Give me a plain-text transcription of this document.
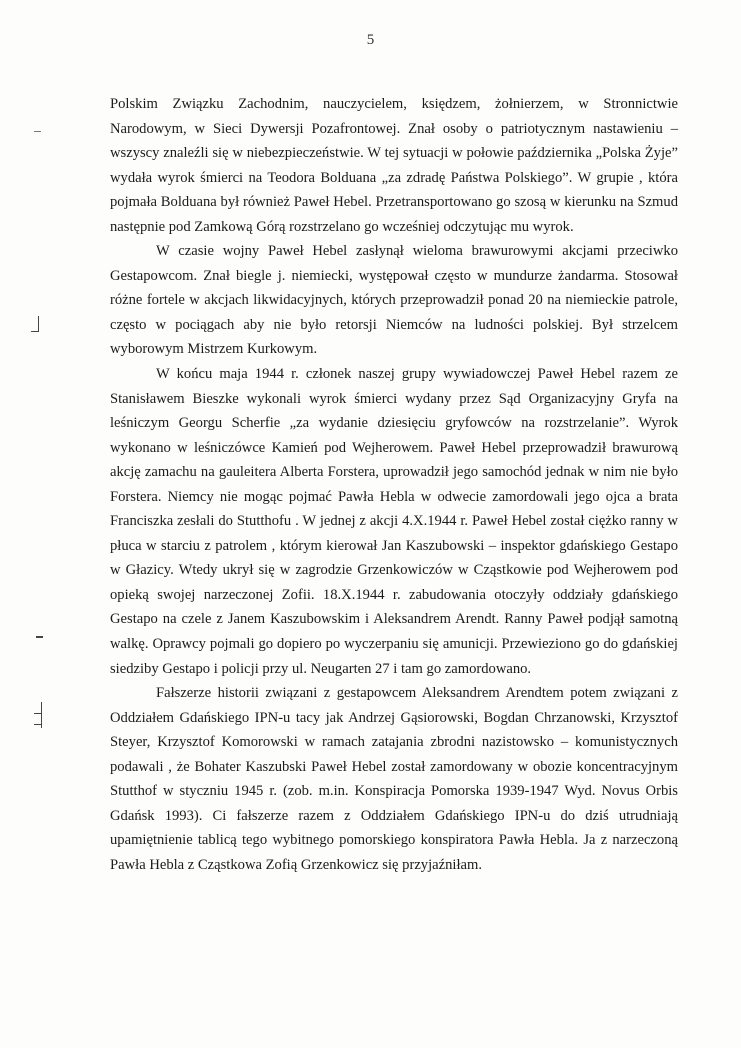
5

Polskim Związku Zachodnim, nauczycielem, księdzem, żołnierzem, w Stronnictwie Narodowym, w Sieci Dywersji Pozafrontowej. Znał osoby o patriotycznym nastawieniu – wszyscy znaleźli się w niebezpieczeństwie. W tej sytuacji w połowie października „Polska Żyje” wydała wyrok śmierci na Teodora Bolduana „za zdradę Państwa Polskiego”. W grupie , która pojmała Bolduana był również Paweł Hebel. Przetransportowano go szosą w kierunku na Szmud następnie pod Zamkową Górą rozstrzelano go wcześniej odczytując mu wyrok.

W czasie wojny Paweł Hebel zasłynął wieloma brawurowymi akcjami przeciwko Gestapowcom. Znał biegle j. niemiecki, występował często w mundurze żandarma. Stosował różne fortele w akcjach likwidacyjnych, których przeprowadził ponad 20 na niemieckie patrole, często w pociągach aby nie było retorsji Niemców na ludności polskiej. Był strzelcem wyborowym Mistrzem Kurkowym.

W końcu maja 1944 r. członek naszej grupy wywiadowczej Paweł Hebel razem ze Stanisławem Bieszke wykonali wyrok śmierci wydany przez Sąd Organizacyjny Gryfa na leśniczym Georgu Scherfie „za wydanie dziesięciu gryfowców na rozstrzelanie”. Wyrok wykonano w leśniczówce Kamień pod Wejherowem. Paweł Hebel przeprowadził brawurową akcję zamachu na gauleitera Alberta Forstera, uprowadził jego samochód jednak w nim nie było Forstera. Niemcy nie mogąc pojmać Pawła Hebla w odwecie zamordowali jego ojca a brata Franciszka zesłali do Stutthofu . W jednej z akcji 4.X.1944 r. Paweł Hebel został ciężko ranny w płuca w starciu z patrolem , którym kierował Jan Kaszubowski – inspektor gdańskiego Gestapo w Głazicy. Wtedy ukrył się w zagrodzie Grzenkowiczów w Cząstkowie pod Wejherowem pod opieką swojej narzeczonej Zofii. 18.X.1944 r. zabudowania otoczyły oddziały gdańskiego Gestapo na czele z Janem Kaszubowskim i Aleksandrem Arendt. Ranny Paweł podjął samotną walkę. Oprawcy pojmali go dopiero po wyczerpaniu się amunicji. Przewieziono go do gdańskiej siedziby Gestapo i policji przy ul. Neugarten 27 i tam go zamordowano.

Fałszerze historii związani z gestapowcem Aleksandrem Arendtem potem związani z Oddziałem Gdańskiego IPN-u tacy jak Andrzej Gąsiorowski, Bogdan Chrzanowski, Krzysztof Steyer, Krzysztof Komorowski w ramach zatajania zbrodni nazistowsko – komunistycznych podawali , że Bohater Kaszubski Paweł Hebel został zamordowany w obozie koncentracyjnym Stutthof w styczniu 1945 r. (zob. m.in. Konspiracja Pomorska 1939-1947 Wyd. Novus Orbis Gdańsk 1993). Ci fałszerze razem z Oddziałem Gdańskiego IPN-u do dziś utrudniają upamiętnienie tablicą tego wybitnego pomorskiego konspiratora Pawła Hebla. Ja z narzeczoną Pawła Hebla z Cząstkowa Zofią Grzenkowicz się przyjaźniłam.
